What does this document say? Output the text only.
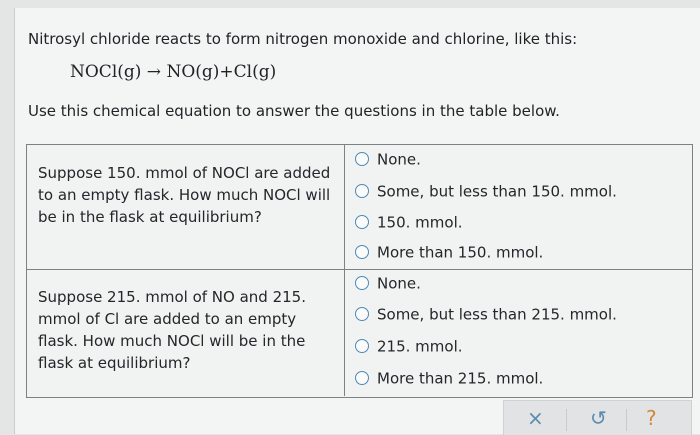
Nitrosyl chloride reacts to form nitrogen monoxide and chlorine, like this:
NOCl(g) → NO(g)+Cl(g)
Use this chemical equation to answer the questions in the table below.
Suppose 150. mmol of NOCl are added to an empty flask. How much NOCl will be in the flask at equilibrium?
None.
Some, but less than 150. mmol.
150. mmol.
More than 150. mmol.
Suppose 215. mmol of NO and 215. mmol of Cl are added to an empty flask. How much NOCl will be in the flask at equilibrium?
None.
Some, but less than 215. mmol.
215. mmol.
More than 215. mmol.
× ↺ ?
